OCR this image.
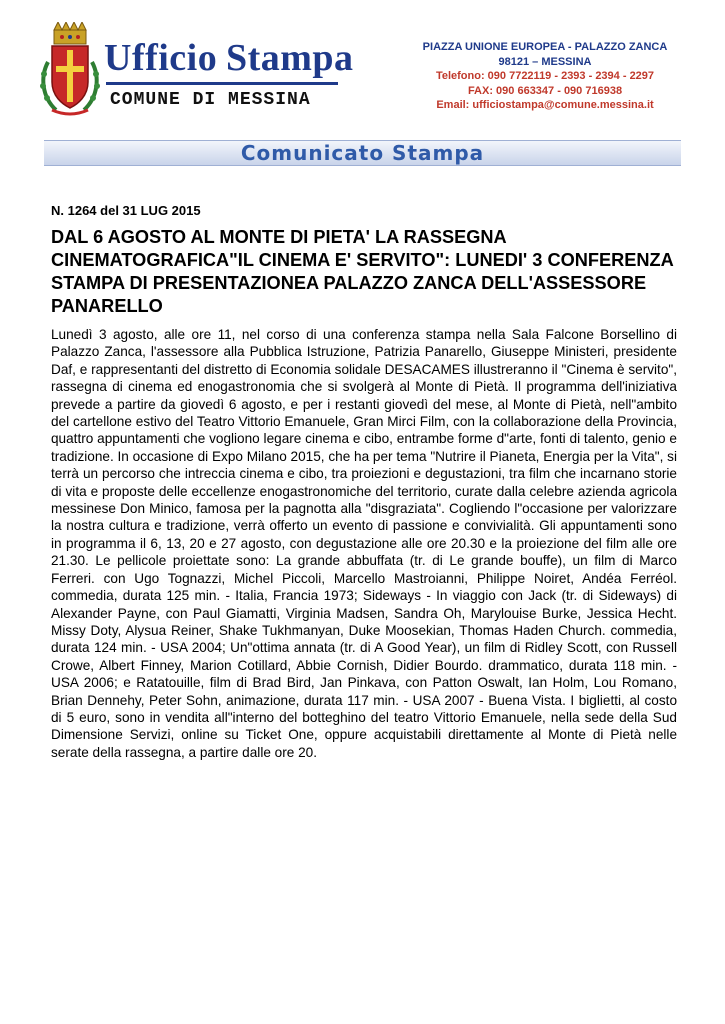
Ufficio Stampa
COMUNE DI MESSINA
PIAZZA UNIONE EUROPEA - PALAZZO ZANCA
98121 – MESSINA
Telefono: 090 7722119 - 2393 - 2394 - 2297
FAX: 090 663347 - 090 716938
Email: ufficiostampa@comune.messina.it
Comunicato Stampa
N. 1264 del 31 LUG 2015
DAL 6 AGOSTO AL MONTE DI PIETA' LA RASSEGNA CINEMATOGRAFICA"IL CINEMA E' SERVITO": LUNEDI' 3 CONFERENZA STAMPA DI PRESENTAZIONEA PALAZZO ZANCA DELL'ASSESSORE PANARELLO
Lunedì 3 agosto, alle ore 11, nel corso di una conferenza stampa nella Sala Falcone Borsellino di Palazzo Zanca, l'assessore alla Pubblica Istruzione, Patrizia Panarello, Giuseppe Ministeri, presidente Daf, e rappresentanti del distretto di Economia solidale DESACAMES illustreranno il "Cinema è servito", rassegna di cinema ed enogastronomia che si svolgerà al Monte di Pietà. Il programma dell'iniziativa prevede a partire da giovedì 6 agosto, e per i restanti giovedì del mese, al Monte di Pietà, nell"ambito del cartellone estivo del Teatro Vittorio Emanuele, Gran Mirci Film, con la collaborazione della Provincia, quattro appuntamenti che vogliono legare cinema e cibo, entrambe forme d"arte, fonti di talento, genio e tradizione. In occasione di Expo Milano 2015, che ha per tema "Nutrire il Pianeta, Energia per la Vita", si terrà un percorso che intreccia cinema e cibo, tra proiezioni e degustazioni, tra film che incarnano storie di vita e proposte delle eccellenze enogastronomiche del territorio, curate dalla celebre azienda agricola messinese Don Minico, famosa per la pagnotta alla "disgraziata". Cogliendo l"occasione per valorizzare la nostra cultura e tradizione, verrà offerto un evento di passione e convivialità. Gli appuntamenti sono in programma il 6, 13, 20 e 27 agosto, con degustazione alle ore 20.30 e la proiezione del film alle ore 21.30. Le pellicole proiettate sono: La grande abbuffata (tr. di Le grande bouffe), un film di Marco Ferreri. con Ugo Tognazzi, Michel Piccoli, Marcello Mastroianni, Philippe Noiret, Andéa Ferréol. commedia, durata 125 min. - Italia, Francia 1973; Sideways - In viaggio con Jack (tr. di Sideways) di Alexander Payne, con Paul Giamatti, Virginia Madsen, Sandra Oh, Marylouise Burke, Jessica Hecht. Missy Doty, Alysua Reiner, Shake Tukhmanyan, Duke Moosekian, Thomas Haden Church. commedia, durata 124 min. - USA 2004; Un"ottima annata (tr. di A Good Year), un film di Ridley Scott, con Russell Crowe, Albert Finney, Marion Cotillard, Abbie Cornish, Didier Bourdo. drammatico, durata 118 min. - USA 2006; e Ratatouille, film di Brad Bird, Jan Pinkava, con Patton Oswalt, Ian Holm, Lou Romano, Brian Dennehy, Peter Sohn, animazione, durata 117 min. - USA 2007 - Buena Vista. I biglietti, al costo di 5 euro, sono in vendita all"interno del botteghino del teatro Vittorio Emanuele, nella sede della Sud Dimensione Servizi, online su Ticket One, oppure acquistabili direttamente al Monte di Pietà nelle serate della rassegna, a partire dalle ore 20.
